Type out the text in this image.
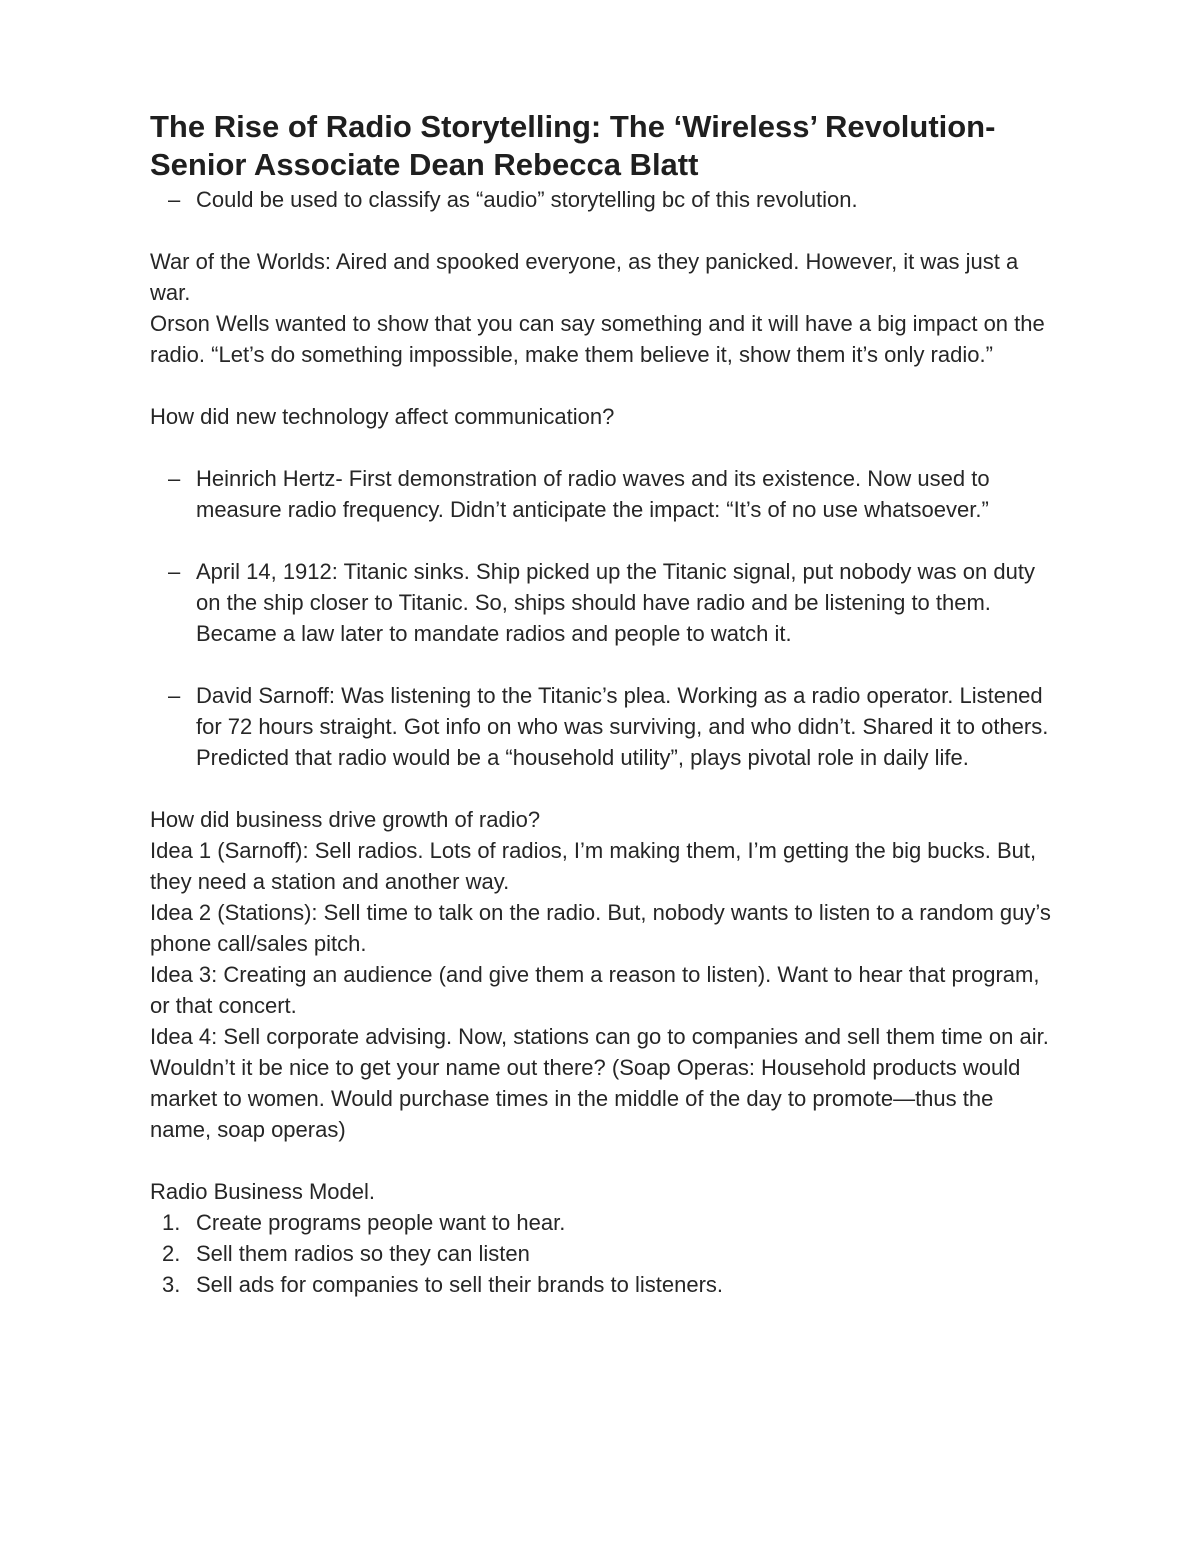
The Rise of Radio Storytelling: The ‘Wireless’ Revolution- Senior Associate Dean Rebecca Blatt
– Could be used to classify as “audio” storytelling bc of this revolution.

War of the Worlds: Aired and spooked everyone, as they panicked. However, it was just a war.

Orson Wells wanted to show that you can say something and it will have a big impact on the radio. “Let’s do something impossible, make them believe it, show them it’s only radio.”

How did new technology affect communication?

– Heinrich Hertz- First demonstration of radio waves and its existence. Now used to measure radio frequency. Didn’t anticipate the impact: “It’s of no use whatsoever.”
– April 14, 1912: Titanic sinks. Ship picked up the Titanic signal, put nobody was on duty on the ship closer to Titanic. So, ships should have radio and be listening to them. Became a law later to mandate radios and people to watch it.
– David Sarnoff: Was listening to the Titanic’s plea. Working as a radio operator. Listened for 72 hours straight. Got info on who was surviving, and who didn’t. Shared it to others. Predicted that radio would be a “household utility”, plays pivotal role in daily life.

How did business drive growth of radio?

Idea 1 (Sarnoff): Sell radios. Lots of radios, I’m making them, I’m getting the big bucks. But, they need a station and another way.

Idea 2 (Stations): Sell time to talk on the radio. But, nobody wants to listen to a random guy’s phone call/sales pitch.

Idea 3: Creating an audience (and give them a reason to listen). Want to hear that program, or that concert.

Idea 4: Sell corporate advising. Now, stations can go to companies and sell them time on air. Wouldn’t it be nice to get your name out there? (Soap Operas: Household products would market to women. Would purchase times in the middle of the day to promote—thus the name, soap operas)

Radio Business Model.

1. Create programs people want to hear.
2. Sell them radios so they can listen
3. Sell ads for companies to sell their brands to listeners.
